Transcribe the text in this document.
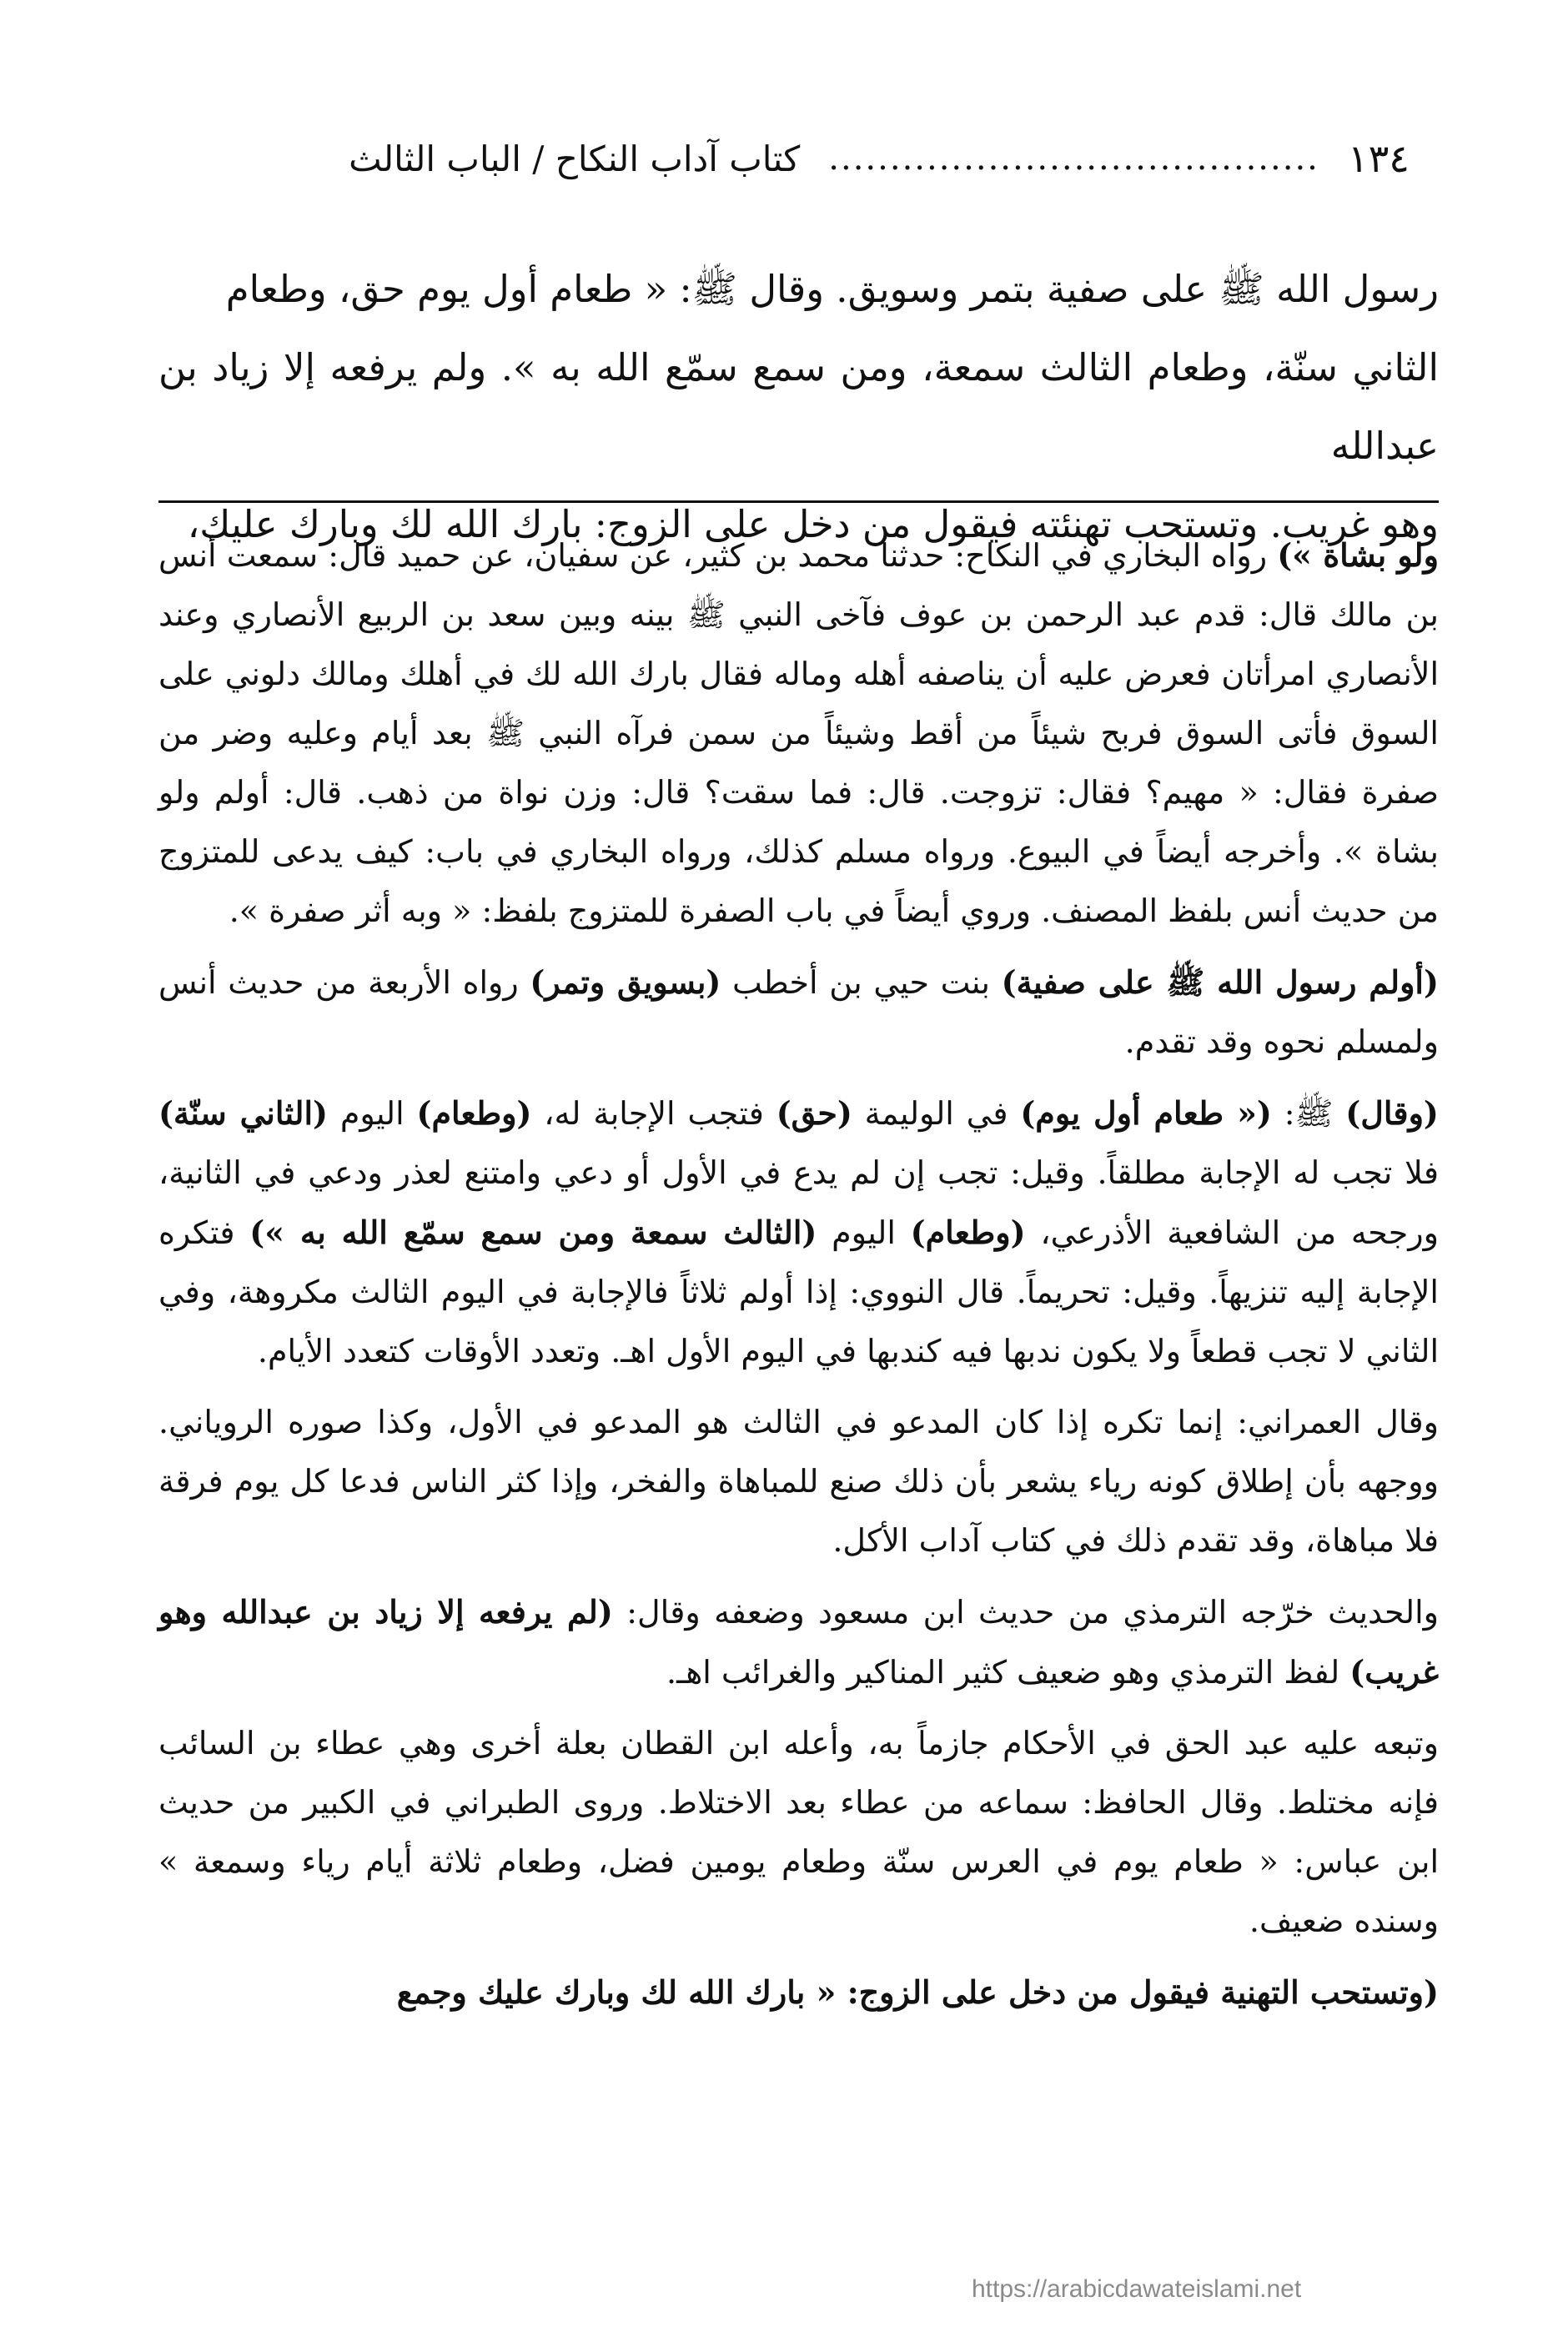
١٣٤
........................................
كتاب آداب النكاح / الباب الثالث

رسول الله ﷺ على صفية بتمر وسويق. وقال ﷺ: « طعام أول يوم حق، وطعام

الثاني سنّة، وطعام الثالث سمعة، ومن سمع سمّع الله به ». ولم يرفعه إلا زياد بن عبدالله

وهو غريب. وتستحب تهنئته فيقول من دخل على الزوج: بارك الله لك وبارك عليك،

ولو بشاة ») رواه البخاري في النكاح: حدثنا محمد بن كثير، عن سفيان، عن حميد قال: سمعت أنس بن مالك قال: قدم عبد الرحمن بن عوف فآخى النبي ﷺ بينه وبين سعد بن الربيع الأنصاري وعند الأنصاري امرأتان فعرض عليه أن يناصفه أهله وماله فقال بارك الله لك في أهلك ومالك دلوني على السوق فأتى السوق فربح شيئاً من أقط وشيئاً من سمن فرآه النبي ﷺ بعد أيام وعليه وضر من صفرة فقال: « مهيم؟ فقال: تزوجت. قال: فما سقت؟ قال: وزن نواة من ذهب. قال: أولم ولو بشاة ». وأخرجه أيضاً في البيوع. ورواه مسلم كذلك، ورواه البخاري في باب: كيف يدعى للمتزوج من حديث أنس بلفظ المصنف. وروي أيضاً في باب الصفرة للمتزوج بلفظ: « وبه أثر صفرة ».

(أولم رسول الله ﷺ على صفية) بنت حيي بن أخطب (بسويق وتمر) رواه الأربعة من حديث أنس ولمسلم نحوه وقد تقدم.

(وقال) ﷺ: (« طعام أول يوم) في الوليمة (حق) فتجب الإجابة له، (وطعام) اليوم (الثاني سنّة) فلا تجب له الإجابة مطلقاً. وقيل: تجب إن لم يدع في الأول أو دعي وامتنع لعذر ودعي في الثانية، ورجحه من الشافعية الأذرعي، (وطعام) اليوم (الثالث سمعة ومن سمع سمّع الله به ») فتكره الإجابة إليه تنزيهاً. وقيل: تحريماً. قال النووي: إذا أولم ثلاثاً فالإجابة في اليوم الثالث مكروهة، وفي الثاني لا تجب قطعاً ولا يكون ندبها فيه كندبها في اليوم الأول اهـ. وتعدد الأوقات كتعدد الأيام.

وقال العمراني: إنما تكره إذا كان المدعو في الثالث هو المدعو في الأول، وكذا صوره الروياني. ووجهه بأن إطلاق كونه رياء يشعر بأن ذلك صنع للمباهاة والفخر، وإذا كثر الناس فدعا كل يوم فرقة فلا مباهاة، وقد تقدم ذلك في كتاب آداب الأكل.

والحديث خرّجه الترمذي من حديث ابن مسعود وضعفه وقال: (لم يرفعه إلا زياد بن عبدالله وهو غريب) لفظ الترمذي وهو ضعيف كثير المناكير والغرائب اهـ.

وتبعه عليه عبد الحق في الأحكام جازماً به، وأعله ابن القطان بعلة أخرى وهي عطاء بن السائب فإنه مختلط. وقال الحافظ: سماعه من عطاء بعد الاختلاط. وروى الطبراني في الكبير من حديث ابن عباس: « طعام يوم في العرس سنّة وطعام يومين فضل، وطعام ثلاثة أيام رياء وسمعة » وسنده ضعيف.

(وتستحب التهنية فيقول من دخل على الزوج: « بارك الله لك وبارك عليك وجمع

https://arabicdawateislami.net
